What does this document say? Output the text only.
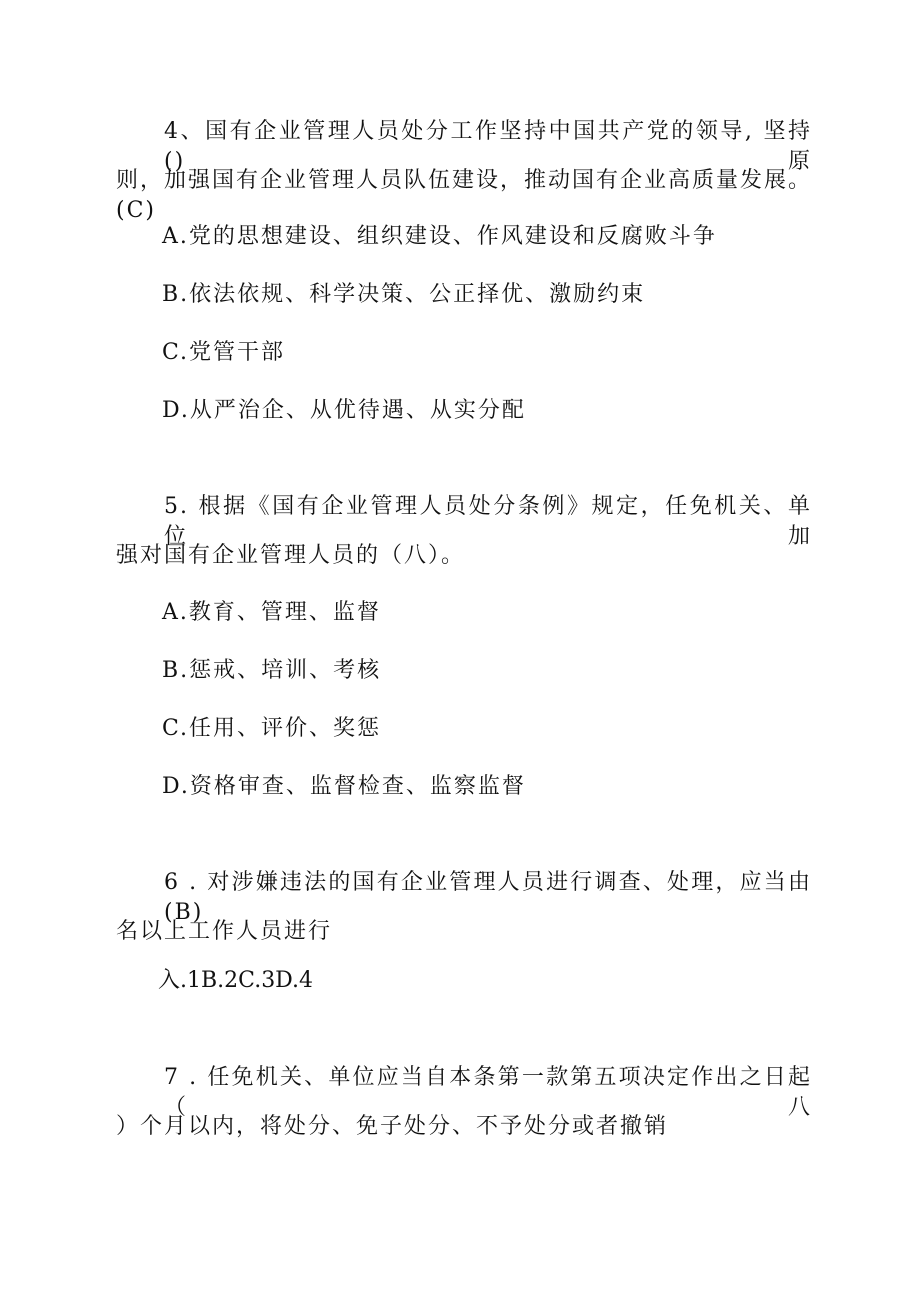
4、国有企业管理人员处分工作坚持中国共产党的领导, 坚持()原

则，加强国有企业管理人员队伍建设，推动国有企业高质量发展。(C)

A.党的思想建设、组织建设、作风建设和反腐败斗争

B.依法依规、科学决策、公正择优、激励约束

C.党管干部

D.从严治企、从优待遇、从实分配

5. 根据《国有企业管理人员处分条例》规定，任免机关、单位加

强对国有企业管理人员的（八）。

A.教育、管理、监督

B.惩戒、培训、考核

C.任用、评价、奖惩

D.资格审查、监督检查、监察监督

6 . 对涉嫌违法的国有企业管理人员进行调查、处理，应当由(B)

名以上工作人员进行

入.1B.2C.3D.4

7 . 任免机关、单位应当自本条第一款第五项决定作出之日起（八

）个月以内，将处分、免子处分、不予处分或者撤销
